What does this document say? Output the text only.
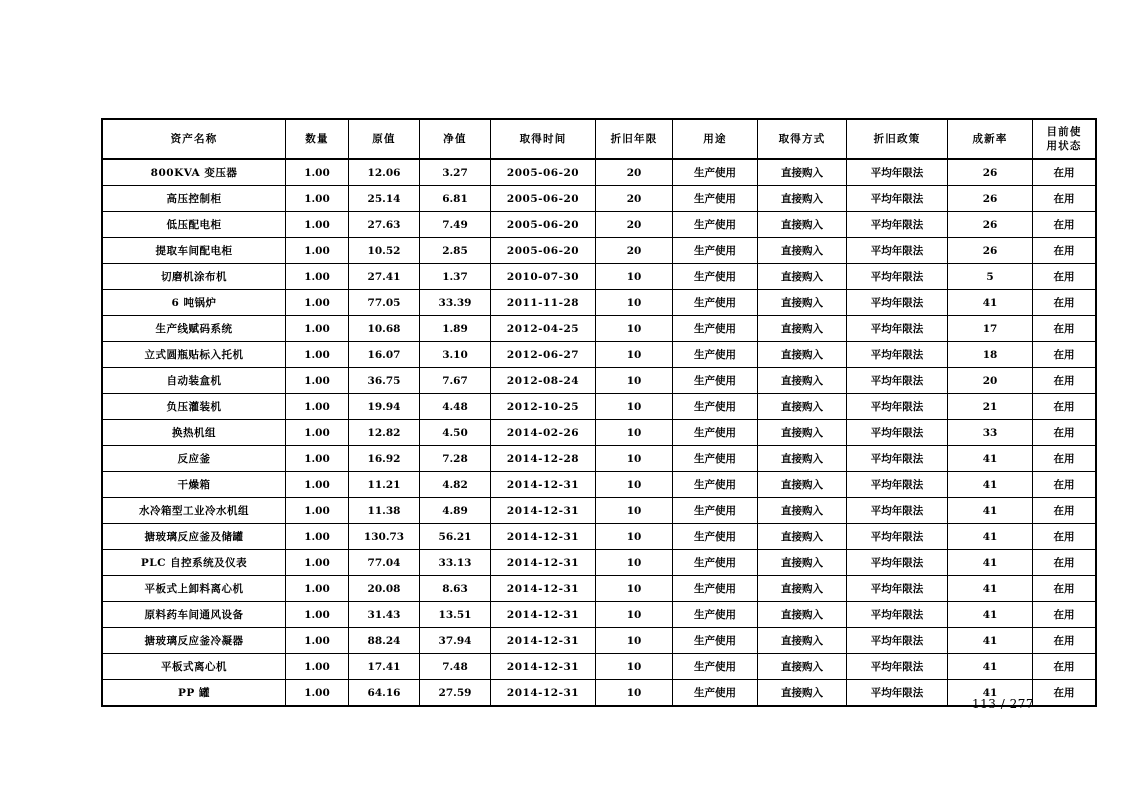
资产名称	数量	原值	净值	取得时间	折旧年限	用途	取得方式	折旧政策	成新率	目前使
用状态

800KVA 变压器	1.00	12.06	3.27	2005-06-20	20	生产使用	直接购入	平均年限法	26	在用
高压控制柜	1.00	25.14	6.81	2005-06-20	20	生产使用	直接购入	平均年限法	26	在用
低压配电柜	1.00	27.63	7.49	2005-06-20	20	生产使用	直接购入	平均年限法	26	在用
提取车间配电柜	1.00	10.52	2.85	2005-06-20	20	生产使用	直接购入	平均年限法	26	在用
切磨机涂布机	1.00	27.41	1.37	2010-07-30	10	生产使用	直接购入	平均年限法	5	在用
6 吨锅炉	1.00	77.05	33.39	2011-11-28	10	生产使用	直接购入	平均年限法	41	在用
生产线赋码系统	1.00	10.68	1.89	2012-04-25	10	生产使用	直接购入	平均年限法	17	在用
立式圆瓶贴标入托机	1.00	16.07	3.10	2012-06-27	10	生产使用	直接购入	平均年限法	18	在用
自动装盒机	1.00	36.75	7.67	2012-08-24	10	生产使用	直接购入	平均年限法	20	在用
负压灌装机	1.00	19.94	4.48	2012-10-25	10	生产使用	直接购入	平均年限法	21	在用
换热机组	1.00	12.82	4.50	2014-02-26	10	生产使用	直接购入	平均年限法	33	在用
反应釜	1.00	16.92	7.28	2014-12-28	10	生产使用	直接购入	平均年限法	41	在用
干燥箱	1.00	11.21	4.82	2014-12-31	10	生产使用	直接购入	平均年限法	41	在用
水冷箱型工业冷水机组	1.00	11.38	4.89	2014-12-31	10	生产使用	直接购入	平均年限法	41	在用
搪玻璃反应釜及储罐	1.00	130.73	56.21	2014-12-31	10	生产使用	直接购入	平均年限法	41	在用
PLC 自控系统及仪表	1.00	77.04	33.13	2014-12-31	10	生产使用	直接购入	平均年限法	41	在用
平板式上卸料离心机	1.00	20.08	8.63	2014-12-31	10	生产使用	直接购入	平均年限法	41	在用
原料药车间通风设备	1.00	31.43	13.51	2014-12-31	10	生产使用	直接购入	平均年限法	41	在用
搪玻璃反应釜冷凝器	1.00	88.24	37.94	2014-12-31	10	生产使用	直接购入	平均年限法	41	在用
平板式离心机	1.00	17.41	7.48	2014-12-31	10	生产使用	直接购入	平均年限法	41	在用
PP 罐	1.00	64.16	27.59	2014-12-31	10	生产使用	直接购入	平均年限法	41	在用
113 / 277
